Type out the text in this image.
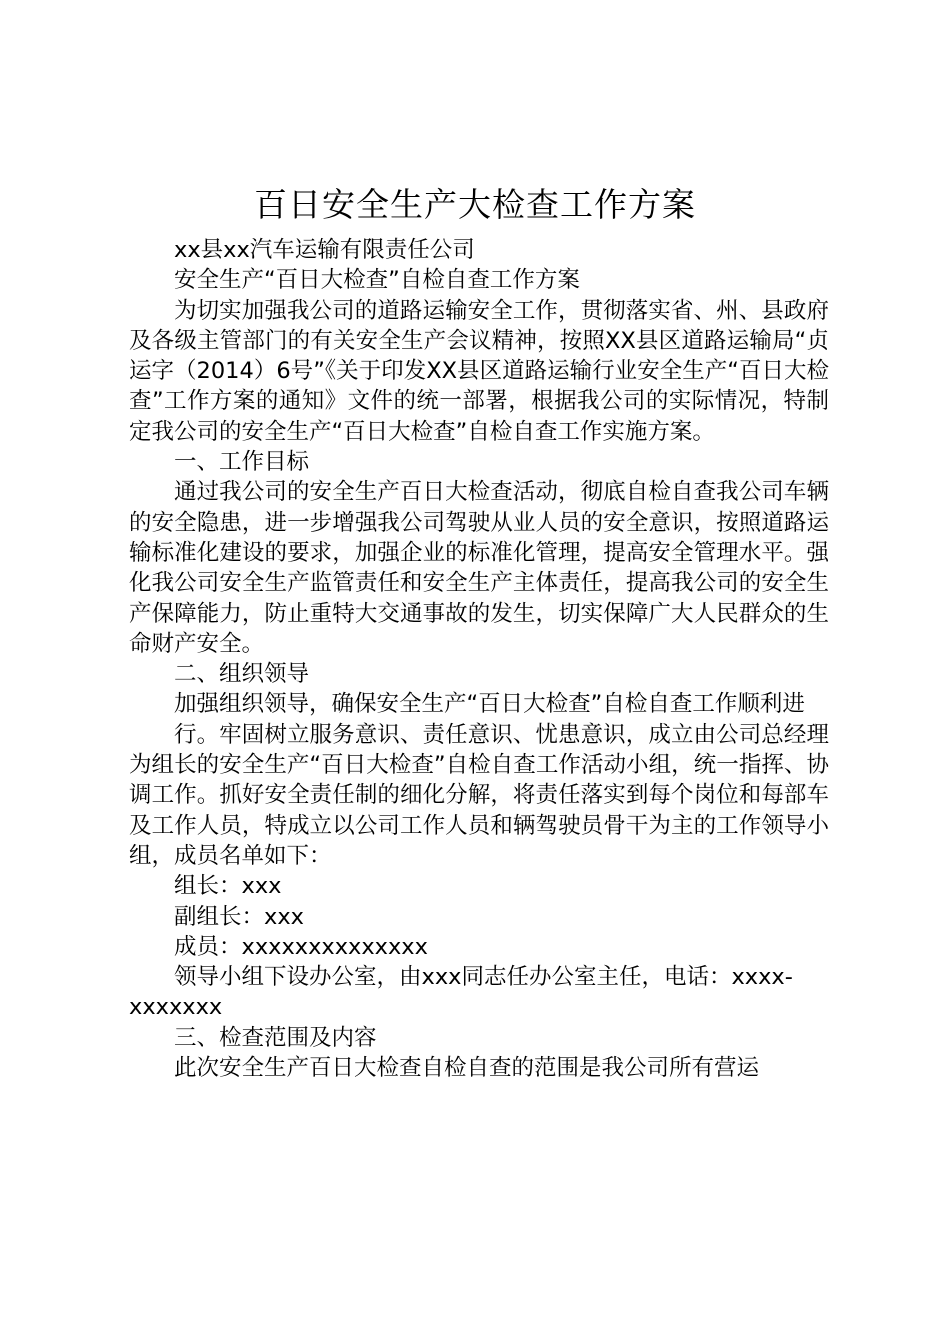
百日安全生产大检查工作方案

xx县xx汽车运输有限责任公司

安全生产“百日大检查”自检自查工作方案

为切实加强我公司的道路运输安全工作，贯彻落实省、州、县政府及各级主管部门的有关安全生产会议精神，按照XX县区道路运输局“贞运字（2014）6号”《关于印发XX县区道路运输行业安全生产“百日大检查”工作方案的通知》文件的统一部署，根据我公司的实际情况，特制定我公司的安全生产“百日大检查”自检自查工作实施方案。

一、工作目标

通过我公司的安全生产百日大检查活动，彻底自检自查我公司车辆的安全隐患，进一步增强我公司驾驶从业人员的安全意识，按照道路运输标准化建设的要求，加强企业的标准化管理，提高安全管理水平。强化我公司安全生产监管责任和安全生产主体责任，提高我公司的安全生产保障能力，防止重特大交通事故的发生，切实保障广大人民群众的生命财产安全。

二、组织领导

加强组织领导，确保安全生产“百日大检查”自检自查工作顺利进

行。牢固树立服务意识、责任意识、忧患意识，成立由公司总经理为组长的安全生产“百日大检查”自检自查工作活动小组，统一指挥、协调工作。抓好安全责任制的细化分解，将责任落实到每个岗位和每部车及工作人员，特成立以公司工作人员和辆驾驶员骨干为主的工作领导小组，成员名单如下：

组长：xxx

副组长：xxx

成员：xxxxxxxxxxxxxx

领导小组下设办公室，由xxx同志任办公室主任，电话：xxxx-xxxxxxx

三、检查范围及内容

此次安全生产百日大检查自检自查的范围是我公司所有营运
